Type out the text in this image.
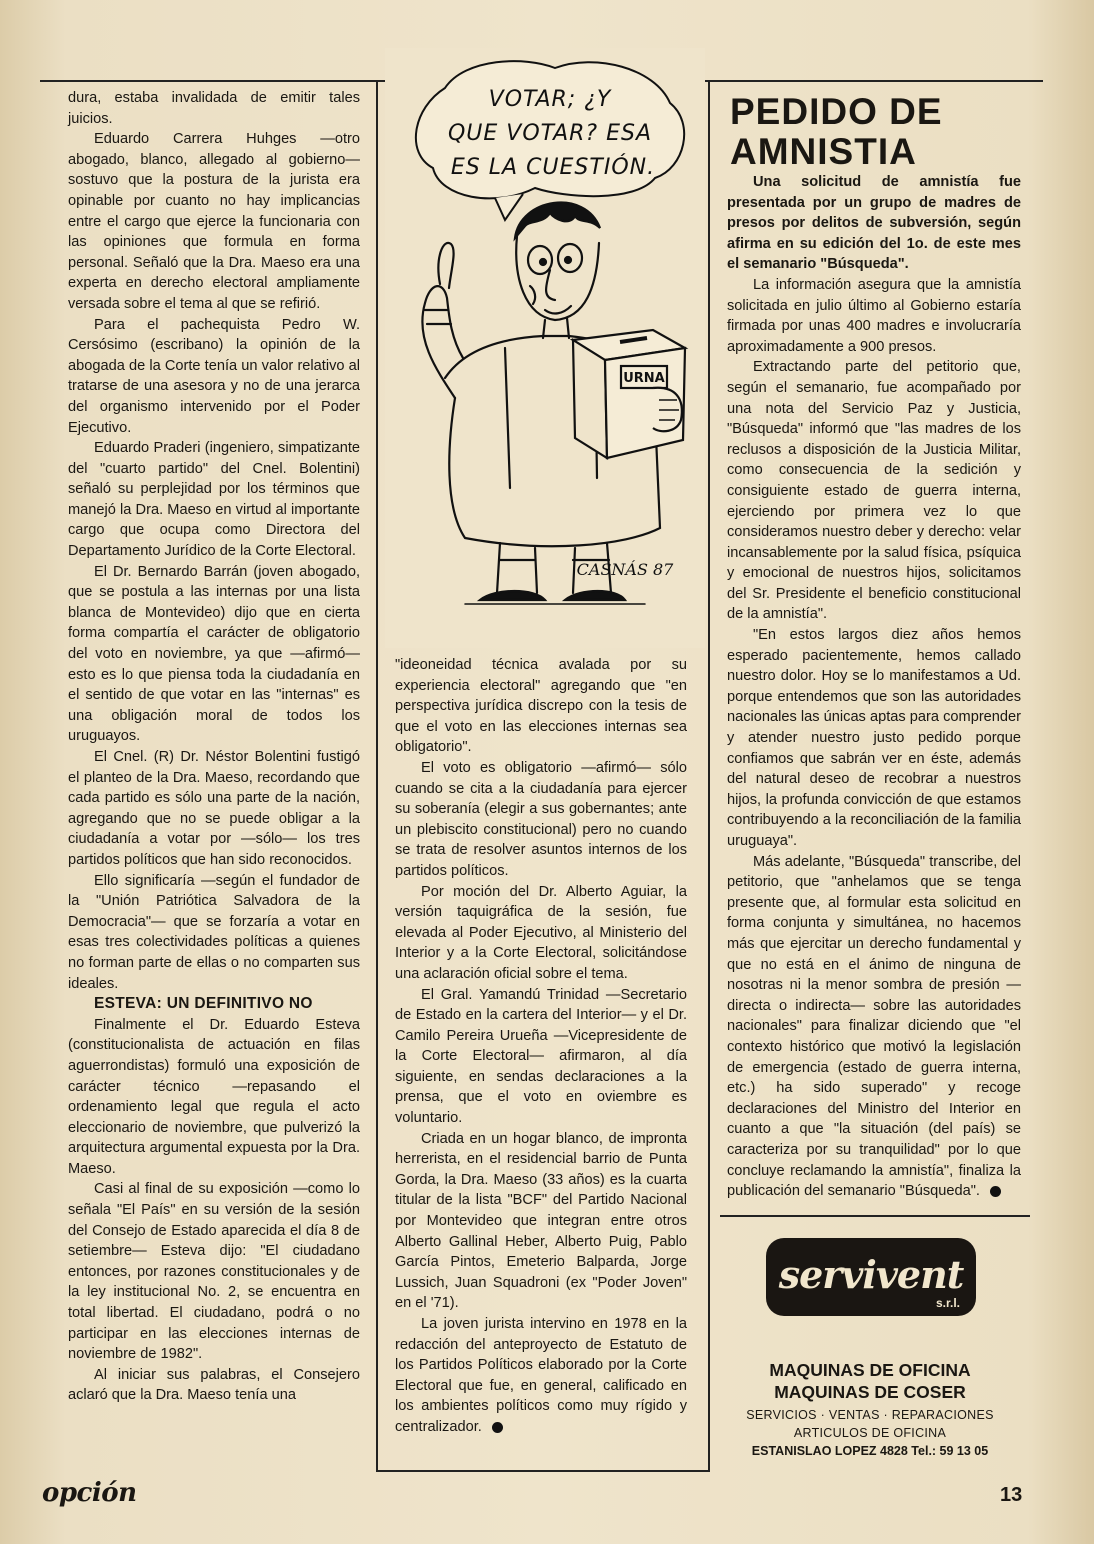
dura, estaba invalidada de emitir tales juicios.

Eduardo Carrera Huhges —otro abogado, blanco, allegado al gobierno— sostuvo que la postura de la jurista era opinable por cuanto no hay implicancias entre el cargo que ejerce la funcionaria con las opiniones que formula en forma personal. Señaló que la Dra. Maeso era una experta en derecho electoral ampliamente versada sobre el tema al que se refirió.

Para el pachequista Pedro W. Cersósimo (escribano) la opinión de la abogada de la Corte tenía un valor relativo al tratarse de una asesora y no de una jerarca del organismo intervenido por el Poder Ejecutivo.

Eduardo Praderi (ingeniero, simpatizante del "cuarto partido" del Cnel. Bolentini) señaló su perplejidad por los términos que manejó la Dra. Maeso en virtud al importante cargo que ocupa como Directora del Departamento Jurídico de la Corte Electoral.

El Dr. Bernardo Barrán (joven abogado, que se postula a las internas por una lista blanca de Montevideo) dijo que en cierta forma compartía el carácter de obligatorio del voto en noviembre, ya que —afirmó— esto es lo que piensa toda la ciudadanía en el sentido de que votar en las "internas" es una obligación moral de todos los uruguayos.

El Cnel. (R) Dr. Néstor Bolentini fustigó el planteo de la Dra. Maeso, recordando que cada partido es sólo una parte de la nación, agregando que no se puede obligar a la ciudadanía a votar por —sólo— los tres partidos políticos que han sido reconocidos.

Ello significaría —según el fundador de la "Unión Patriótica Salvadora de la Democracia"— que se forzaría a votar en esas tres colectividades políticas a quienes no forman parte de ellas o no comparten sus ideales.

ESTEVA: UN DEFINITIVO NO

Finalmente el Dr. Eduardo Esteva (constitucionalista de actuación en filas aguerrondistas) formuló una exposición de carácter técnico —repasando el ordenamiento legal que regula el acto eleccionario de noviembre, que pulverizó la arquitectura argumental expuesta por la Dra. Maeso.

Casi al final de su exposición —como lo señala "El País" en su versión de la sesión del Consejo de Estado aparecida el día 8 de setiembre— Esteva dijo: "El ciudadano entonces, por razones constitucionales y de la ley institucional No. 2, se encuentra en total libertad. El ciudadano, podrá o no participar en las elecciones internas de noviembre de 1982".

Al iniciar sus palabras, el Consejero aclaró que la Dra. Maeso tenía una

VOTAR; ¿Y
QUE VOTAR? ESA
ES LA CUESTIÓN.
URNA
CASNÁS 87

"ideoneidad técnica avalada por su experiencia electoral" agregando que "en perspectiva jurídica discrepo con la tesis de que el voto en las elecciones internas sea obligatorio".

El voto es obligatorio —afirmó— sólo cuando se cita a la ciudadanía para ejercer su soberanía (elegir a sus gobernantes; ante un plebiscito constitucional) pero no cuando se trata de resolver asuntos internos de los partidos políticos.

Por moción del Dr. Alberto Aguiar, la versión taquigráfica de la sesión, fue elevada al Poder Ejecutivo, al Ministerio del Interior y a la Corte Electoral, solicitándose una aclaración oficial sobre el tema.

El Gral. Yamandú Trinidad —Secretario de Estado en la cartera del Interior— y el Dr. Camilo Pereira Urueña —Vicepresidente de la Corte Electoral— afirmaron, al día siguiente, en sendas declaraciones a la prensa, que el voto en oviembre es voluntario.

Criada en un hogar blanco, de impronta herrerista, en el residencial barrio de Punta Gorda, la Dra. Maeso (33 años) es la cuarta titular de la lista "BCF" del Partido Nacional por Montevideo que integran entre otros Alberto Gallinal Heber, Alberto Puig, Pablo García Pintos, Emeterio Balparda, Jorge Lussich, Juan Squadroni (ex "Poder Joven" en el '71).

La joven jurista intervino en 1978 en la redacción del anteproyecto de Estatuto de los Partidos Políticos elaborado por la Corte Electoral que fue, en general, calificado en los ambientes políticos como muy rígido y centralizador.

PEDIDO DE
AMNISTIA

Una solicitud de amnistía fue presentada por un grupo de madres de presos por delitos de subversión, según afirma en su edición del 1o. de este mes el semanario "Búsqueda".

La información asegura que la amnistía solicitada en julio último al Gobierno estaría firmada por unas 400 madres e involucraría aproximadamente a 900 presos.

Extractando parte del petitorio que, según el semanario, fue acompañado por una nota del Servicio Paz y Justicia, "Búsqueda" informó que "las madres de los reclusos a disposición de la Justicia Militar, como consecuencia de la sedición y consiguiente estado de guerra interna, ejerciendo por primera vez lo que consideramos nuestro deber y derecho: velar incansablemente por la salud física, psíquica y emocional de nuestros hijos, solicitamos del Sr. Presidente el beneficio constitucional de la amnistía".

"En estos largos diez años hemos esperado pacientemente, hemos callado nuestro dolor. Hoy se lo manifestamos a Ud. porque entendemos que son las autoridades nacionales las únicas aptas para comprender y atender nuestro justo pedido porque confiamos que sabrán ver en éste, además del natural deseo de recobrar a nuestros hijos, la profunda convicción de que estamos contribuyendo a la reconciliación de la familia uruguaya".

Más adelante, "Búsqueda" transcribe, del petitorio, que "anhelamos que se tenga presente que, al formular esta solicitud en forma conjunta y simultánea, no hacemos más que ejercitar un derecho fundamental y que no está en el ánimo de ninguna de nosotras ni la menor sombra de presión —directa o indirecta— sobre las autoridades nacionales" para finalizar diciendo que "el contexto histórico que motivó la legislación de emergencia (estado de guerra interna, etc.) ha sido superado" y recoge declaraciones del Ministro del Interior en cuanto a que "la situación (del país) se caracteriza por su tranquilidad" por lo que concluye reclamando la amnistía", finaliza la publicación del semanario "Búsqueda".

servivent
s.r.l.
MAQUINAS DE OFICINA
MAQUINAS DE COSER
SERVICIOS · VENTAS · REPARACIONES
ARTICULOS DE OFICINA
ESTANISLAO LOPEZ 4828 Tel.: 59 13 05
opción	13
